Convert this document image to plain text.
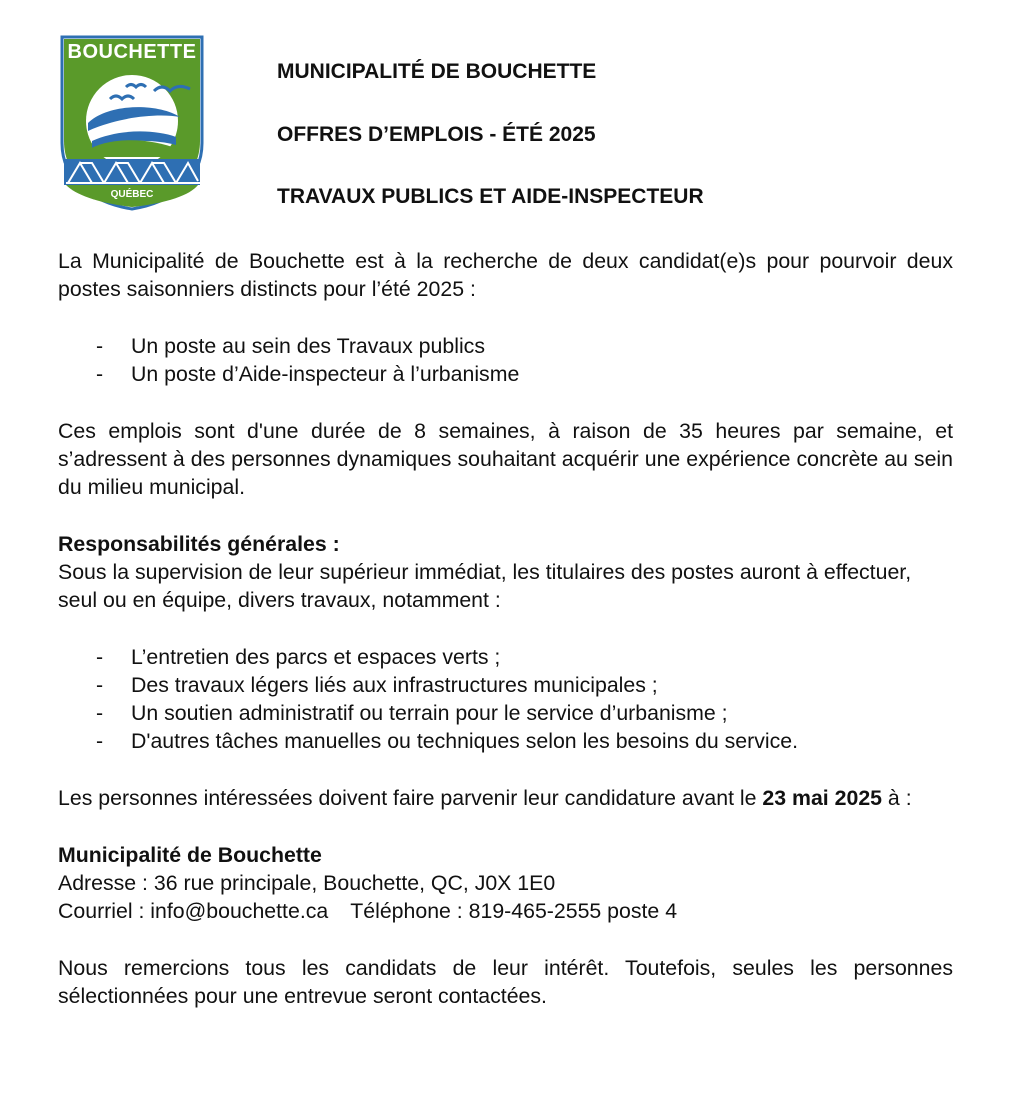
BOUCHETTE
QUÉBEC
MUNICIPALITÉ DE BOUCHETTE
OFFRES D’EMPLOIS - ÉTÉ 2025
TRAVAUX PUBLICS ET AIDE-INSPECTEUR

La Municipalité de Bouchette est à la recherche de deux candidat(e)s pour pourvoir deux postes saisonniers distincts pour l’été 2025 :

- Un poste au sein des Travaux publics
- Un poste d’Aide-inspecteur à l’urbanisme

Ces emplois sont d'une durée de 8 semaines, à raison de 35 heures par semaine, et s’adressent à des personnes dynamiques souhaitant acquérir une expérience concrète au sein du milieu municipal.

Responsabilités générales :

Sous la supervision de leur supérieur immédiat, les titulaires des postes auront à effectuer, seul ou en équipe, divers travaux, notamment :

- L’entretien des parcs et espaces verts ;
- Des travaux légers liés aux infrastructures municipales ;
- Un soutien administratif ou terrain pour le service d’urbanisme ;
- D'autres tâches manuelles ou techniques selon les besoins du service.

Les personnes intéressées doivent faire parvenir leur candidature avant le 23 mai 2025 à :

Municipalité de Bouchette

Adresse : 36 rue principale, Bouchette, QC, J0X 1E0

Courriel : info@bouchette.ca Téléphone : 819-465-2555 poste 4

Nous remercions tous les candidats de leur intérêt. Toutefois, seules les personnes sélectionnées pour une entrevue seront contactées.
